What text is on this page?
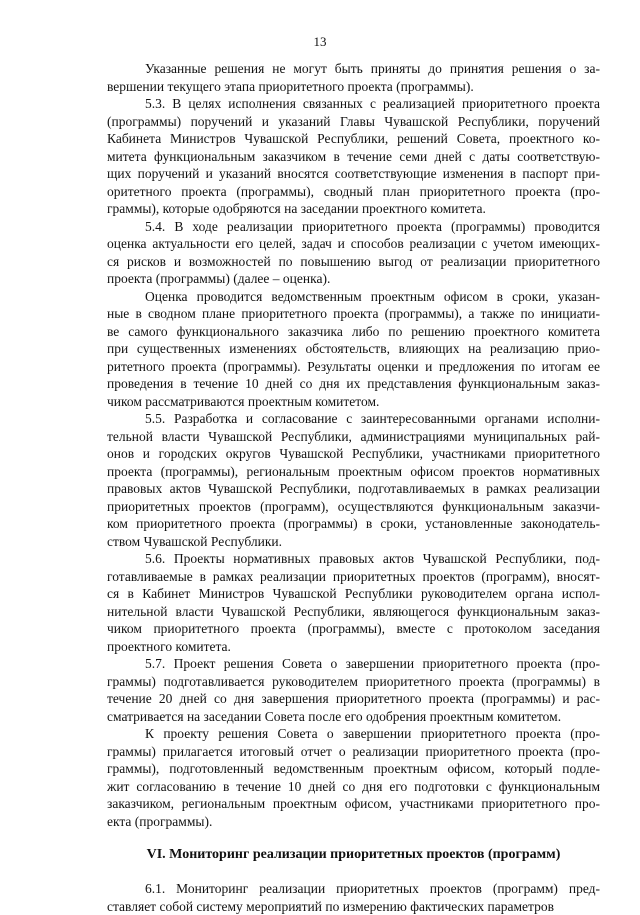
13
Указанные решения не могут быть приняты до принятия решения о за-
вершении текущего этапа приоритетного проекта (программы).
5.3. В целях исполнения связанных с реализацией приоритетного проекта
(программы) поручений и указаний Главы Чувашской Республики, поручений
Кабинета Министров Чувашской Республики, решений Совета, проектного ко-
митета функциональным заказчиком в течение семи дней с даты соответствую-
щих поручений и указаний вносятся соответствующие изменения в паспорт при-
оритетного проекта (программы), сводный план приоритетного проекта (про-
граммы), которые одобряются на заседании проектного комитета.
5.4. В ходе реализации приоритетного проекта (программы) проводится
оценка актуальности его целей, задач и способов реализации с учетом имеющих-
ся рисков и возможностей по повышению выгод от реализации приоритетного
проекта (программы) (далее – оценка).
Оценка проводится ведомственным проектным офисом в сроки, указан-
ные в сводном плане приоритетного проекта (программы), а также по инициати-
ве самого функционального заказчика либо по решению проектного комитета
при существенных изменениях обстоятельств, влияющих на реализацию прио-
ритетного проекта (программы). Результаты оценки и предложения по итогам ее
проведения в течение 10 дней со дня их представления функциональным заказ-
чиком рассматриваются проектным комитетом.
5.5. Разработка и согласование с заинтересованными органами исполни-
тельной власти Чувашской Республики, администрациями муниципальных рай-
онов и городских округов Чувашской Республики, участниками приоритетного
проекта (программы), региональным проектным офисом проектов нормативных
правовых актов Чувашской Республики, подготавливаемых в рамках реализации
приоритетных проектов (программ), осуществляются функциональным заказчи-
ком приоритетного проекта (программы) в сроки, установленные законодатель-
ством Чувашской Республики.
5.6. Проекты нормативных правовых актов Чувашской Республики, под-
готавливаемые в рамках реализации приоритетных проектов (программ), вносят-
ся в Кабинет Министров Чувашской Республики руководителем органа испол-
нительной власти Чувашской Республики, являющегося функциональным заказ-
чиком приоритетного проекта (программы), вместе с протоколом заседания
проектного комитета.
5.7. Проект решения Совета о завершении приоритетного проекта (про-
граммы) подготавливается руководителем приоритетного проекта (программы) в
течение 20 дней со дня завершения приоритетного проекта (программы) и рас-
сматривается на заседании Совета после его одобрения проектным комитетом.
К проекту решения Совета о завершении приоритетного проекта (про-
граммы) прилагается итоговый отчет о реализации приоритетного проекта (про-
граммы), подготовленный ведомственным проектным офисом, который подле-
жит согласованию в течение 10 дней со дня его подготовки с функциональным
заказчиком, региональным проектным офисом, участниками приоритетного про-
екта (программы).
VI. Мониторинг реализации приоритетных проектов (программ)
6.1. Мониторинг реализации приоритетных проектов (программ) пред-
ставляет собой систему мероприятий по измерению фактических параметров
